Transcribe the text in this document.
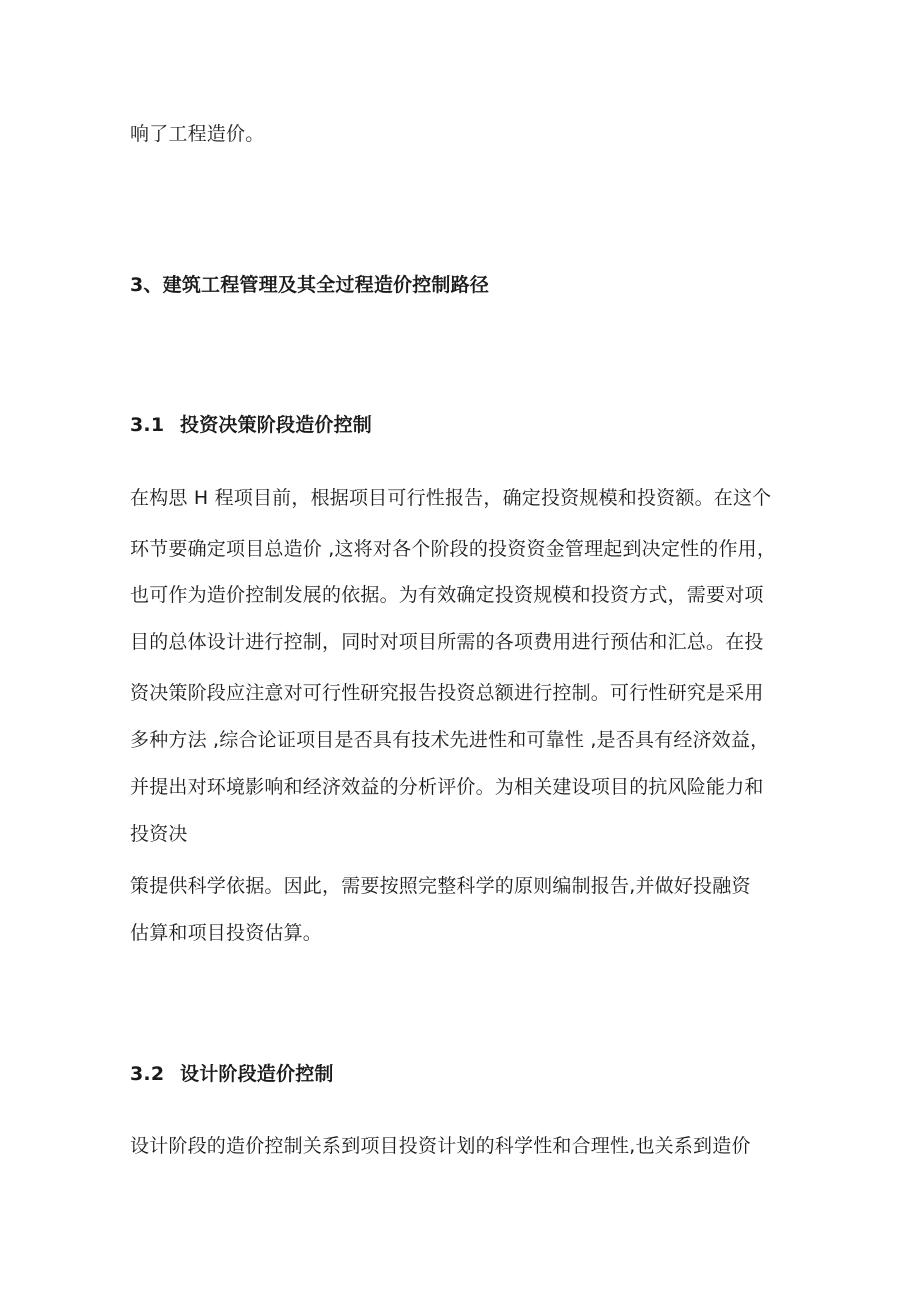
响了工程造价。
3、建筑工程管理及其全过程造价控制路径
3.1 投资决策阶段造价控制
在构思 H 程项目前，根据项目可行性报告，确定投资规模和投资额。在这个
环节要确定项目总造价 ,这将对各个阶段的投资资金管理起到决定性的作用，
也可作为造价控制发展的依据。为有效确定投资规模和投资方式，需要对项
目的总体设计进行控制，同时对项目所需的各项费用进行预估和汇总。在投
资决策阶段应注意对可行性研究报告投资总额进行控制。可行性研究是采用
多种方法 ,综合论证项目是否具有技术先进性和可靠性 ,是否具有经济效益，
并提出对环境影响和经济效益的分析评价。为相关建设项目的抗风险能力和
投资决
策提供科学依据。因此，需要按照完整科学的原则编制报告,并做好投融资
估算和项目投资估算。
3.2 设计阶段造价控制
设计阶段的造价控制关系到项目投资计划的科学性和合理性,也关系到造价
